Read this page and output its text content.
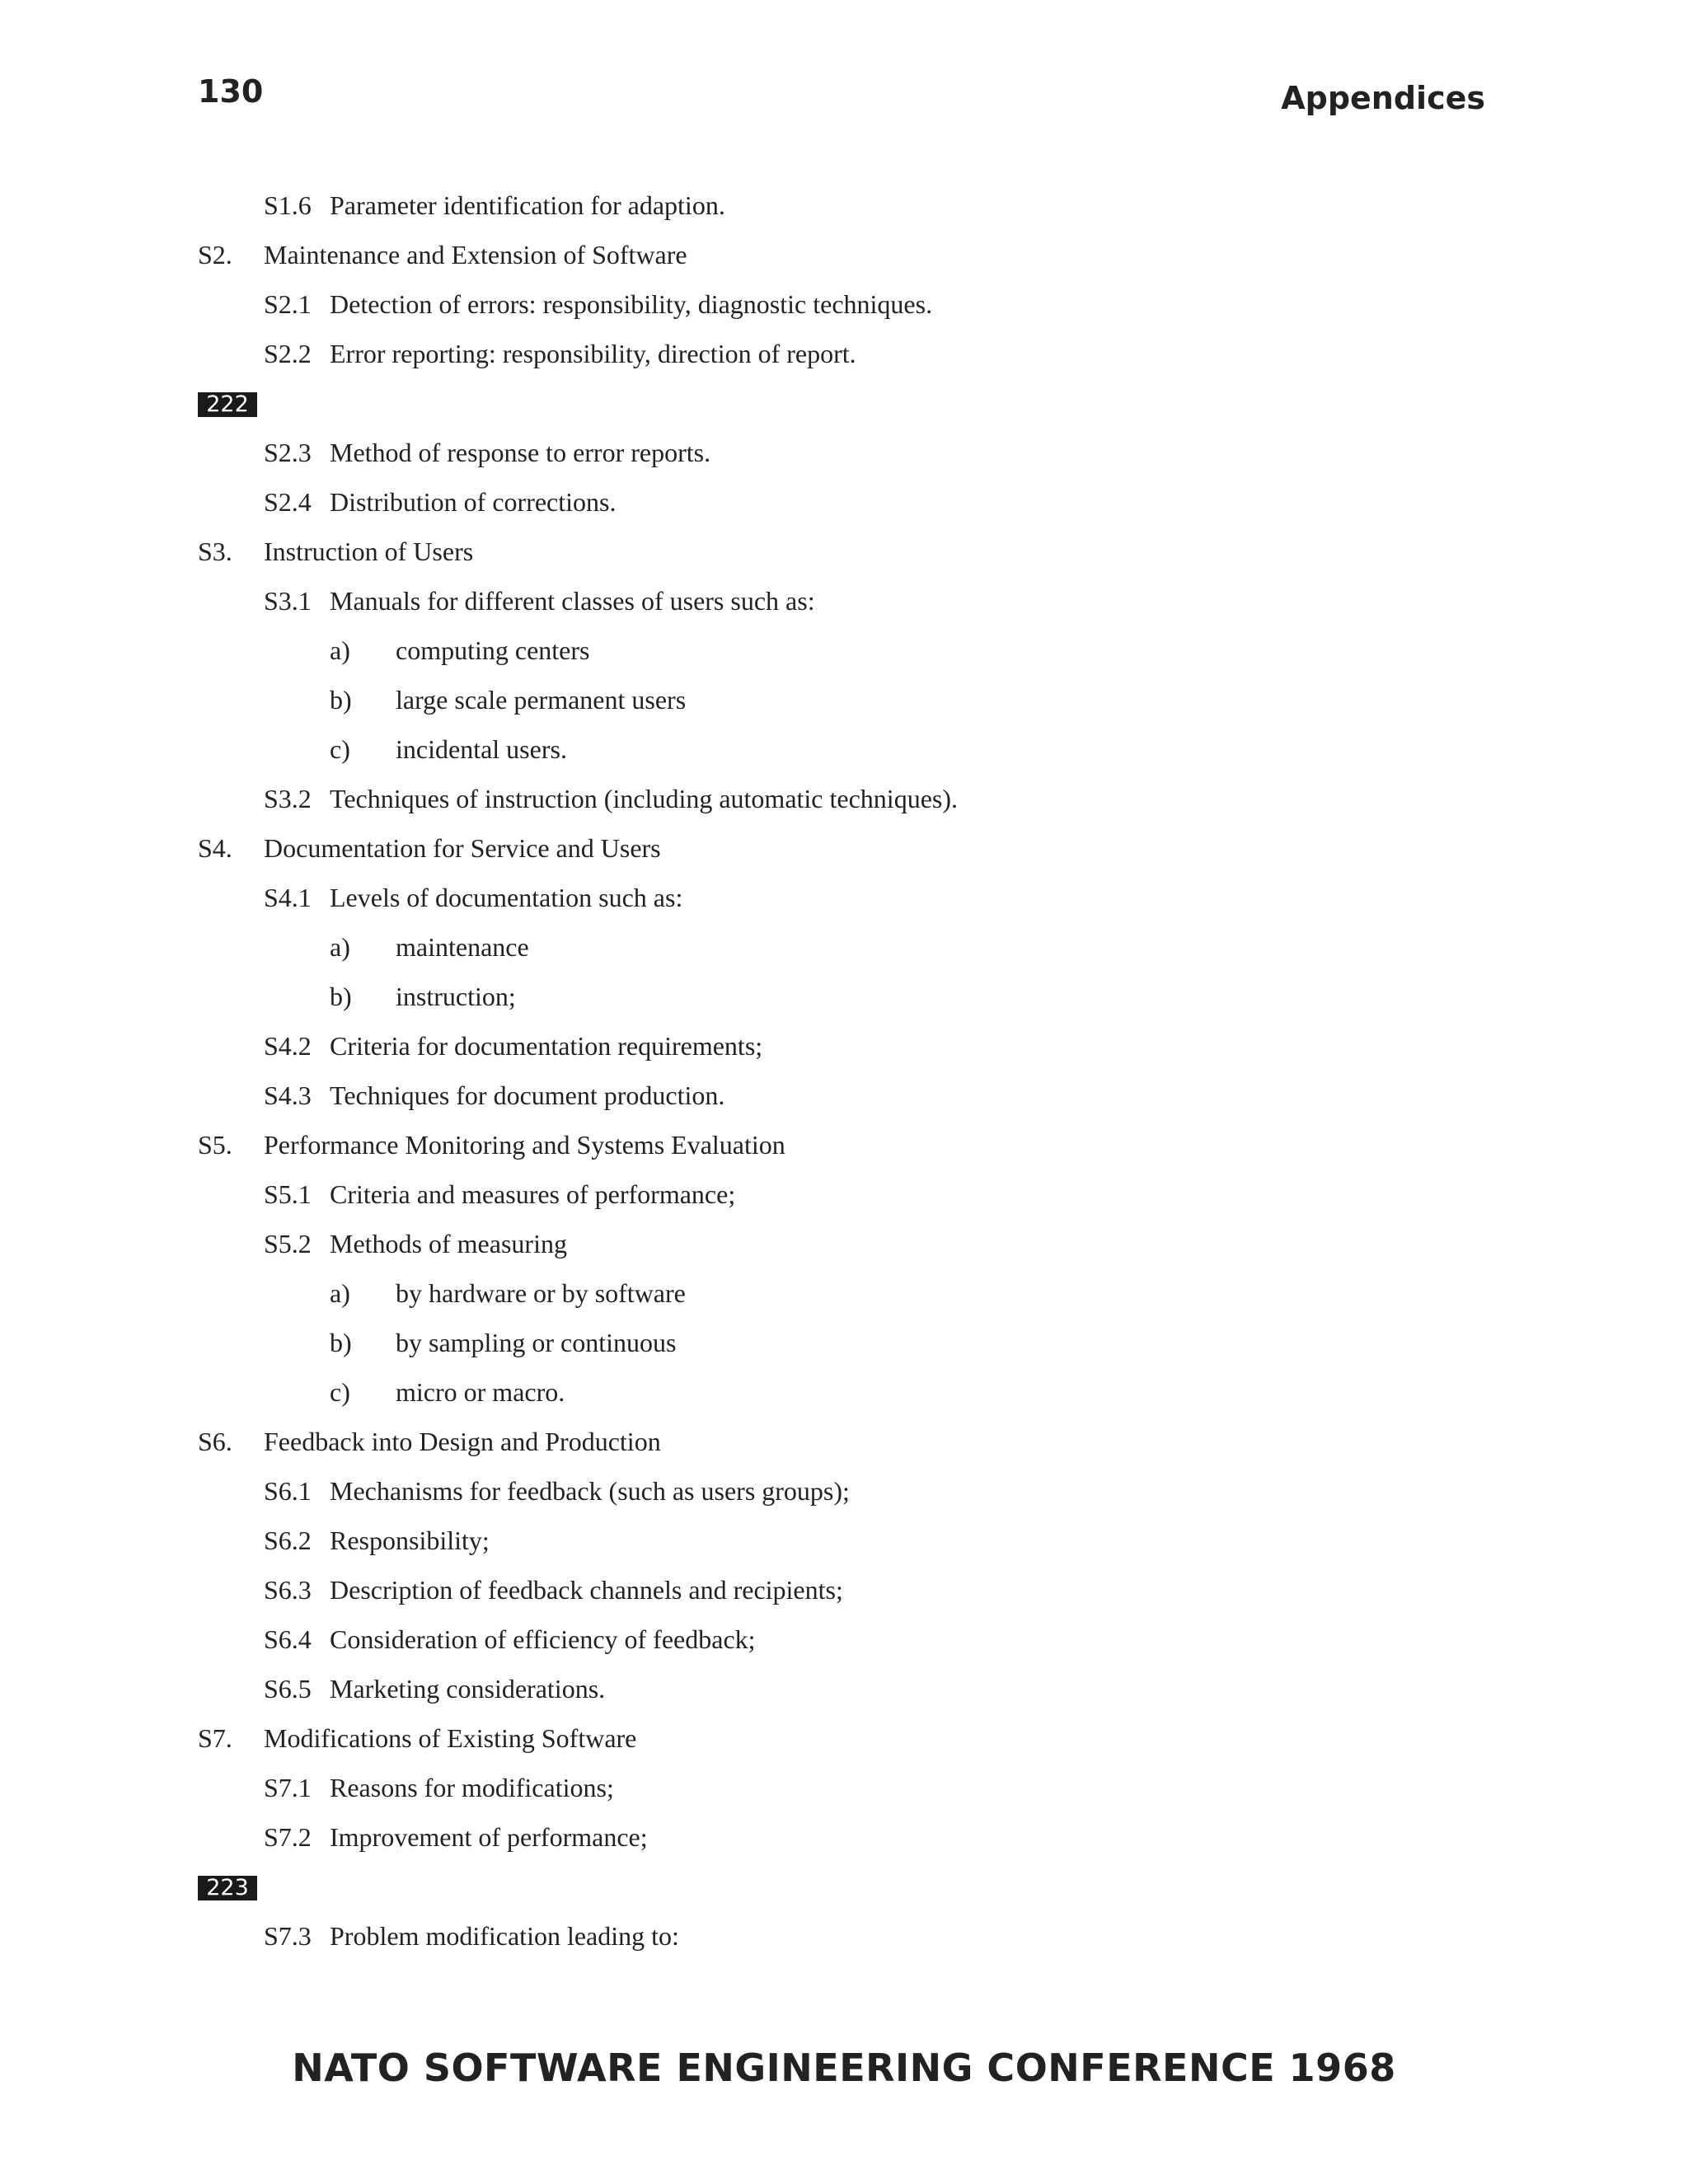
130	Appendices
S1.6 Parameter identification for adaption.
S2. Maintenance and Extension of Software
S2.1 Detection of errors: responsibility, diagnostic techniques.
S2.2 Error reporting: responsibility, direction of report.
222
S2.3 Method of response to error reports.
S2.4 Distribution of corrections.
S3. Instruction of Users
S3.1 Manuals for different classes of users such as:
a) computing centers
b) large scale permanent users
c) incidental users.
S3.2 Techniques of instruction (including automatic techniques).
S4. Documentation for Service and Users
S4.1 Levels of documentation such as:
a) maintenance
b) instruction;
S4.2 Criteria for documentation requirements;
S4.3 Techniques for document production.
S5. Performance Monitoring and Systems Evaluation
S5.1 Criteria and measures of performance;
S5.2 Methods of measuring
a) by hardware or by software
b) by sampling or continuous
c) micro or macro.
S6. Feedback into Design and Production
S6.1 Mechanisms for feedback (such as users groups);
S6.2 Responsibility;
S6.3 Description of feedback channels and recipients;
S6.4 Consideration of efficiency of feedback;
S6.5 Marketing considerations.
S7. Modifications of Existing Software
S7.1 Reasons for modifications;
S7.2 Improvement of performance;
223
S7.3 Problem modification leading to:
NATO SOFTWARE ENGINEERING CONFERENCE 1968
